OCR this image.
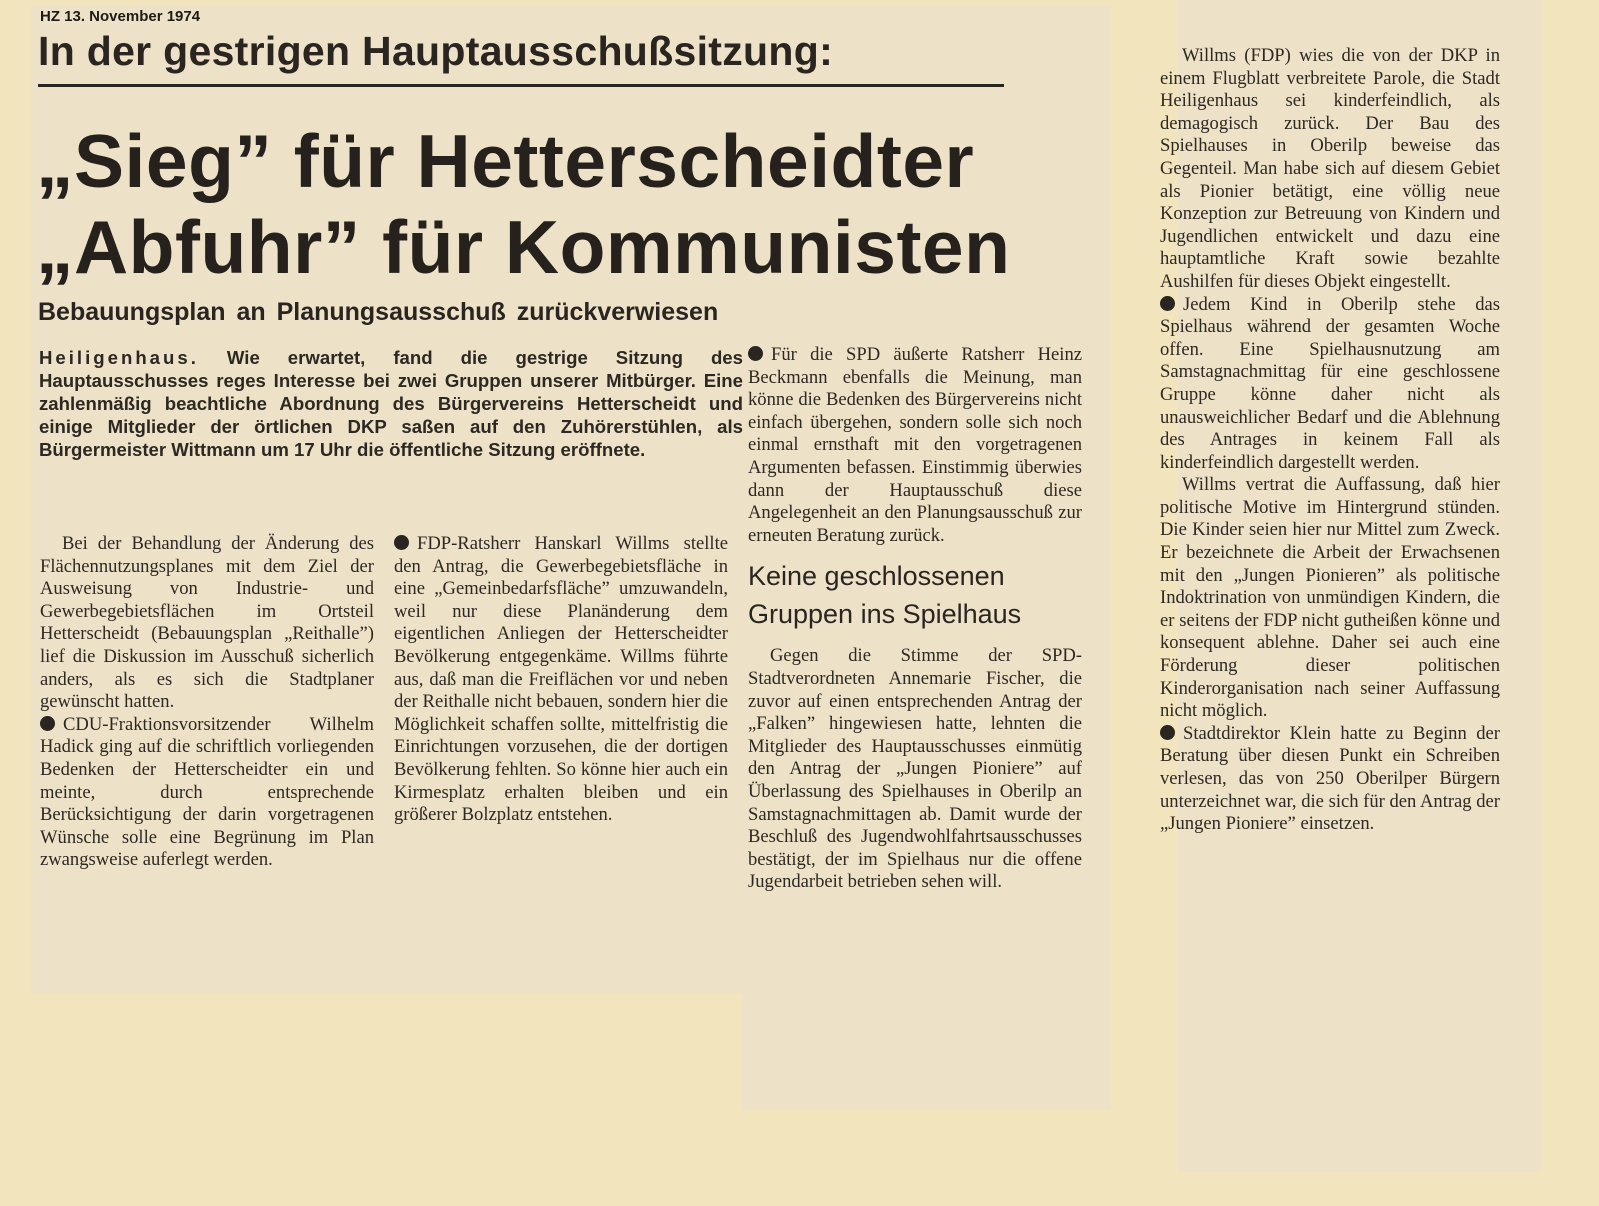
HZ 13. November 1974
In der gestrigen Hauptausschußsitzung:
„Sieg” für Hetterscheidter
„Abfuhr” für Kommunisten
Bebauungsplan an Planungsausschuß zurückverwiesen
Heiligenhaus. Wie erwartet, fand die gestrige Sitzung des Hauptausschusses reges Interesse bei zwei Gruppen unserer Mitbürger. Eine zahlenmäßig beachtliche Abordnung des Bürgervereins Hetterscheidt und einige Mitglieder der örtlichen DKP saßen auf den Zuhörerstühlen, als Bürgermeister Wittmann um 17 Uhr die öffentliche Sitzung eröffnete.

Bei der Behandlung der Änderung des Flächennutzungsplanes mit dem Ziel der Ausweisung von Industrie- und Gewerbegebietsflächen im Ortsteil Hetterscheidt (Bebauungsplan „Reithalle”) lief die Diskussion im Ausschuß sicherlich anders, als es sich die Stadtplaner gewünscht hatten.

CDU-Fraktionsvorsitzender Wilhelm Hadick ging auf die schriftlich vorliegenden Bedenken der Hetterscheidter ein und meinte, durch entsprechende Berücksichtigung der darin vorgetragenen Wünsche solle eine Begrünung im Plan zwangsweise auferlegt werden.

FDP-Ratsherr Hanskarl Willms stellte den Antrag, die Gewerbegebietsfläche in eine „Gemeinbedarfsfläche” umzuwandeln, weil nur diese Planänderung dem eigentlichen Anliegen der Hetterscheidter Bevölkerung entgegenkäme. Willms führte aus, daß man die Freiflächen vor und neben der Reithalle nicht bebauen, sondern hier die Möglichkeit schaffen sollte, mittelfristig die Einrichtungen vorzusehen, die der dortigen Bevölkerung fehlten. So könne hier auch ein Kirmesplatz erhalten bleiben und ein größerer Bolzplatz entstehen.

Für die SPD äußerte Ratsherr Heinz Beckmann ebenfalls die Meinung, man könne die Bedenken des Bürgervereins nicht einfach übergehen, sondern solle sich noch einmal ernsthaft mit den vorgetragenen Argumenten befassen. Einstimmig überwies dann der Hauptausschuß diese Angelegenheit an den Planungsausschuß zur erneuten Beratung zurück.

Keine geschlossenen Gruppen ins Spielhaus

Gegen die Stimme der SPD-Stadtverordneten Annemarie Fischer, die zuvor auf einen entsprechenden Antrag der „Falken” hingewiesen hatte, lehnten die Mitglieder des Hauptausschusses einmütig den Antrag der „Jungen Pioniere” auf Überlassung des Spielhauses in Oberilp an Samstagnachmittagen ab. Damit wurde der Beschluß des Jugendwohlfahrtsausschusses bestätigt, der im Spielhaus nur die offene Jugendarbeit betrieben sehen will.

Willms (FDP) wies die von der DKP in einem Flugblatt verbreitete Parole, die Stadt Heiligenhaus sei kinderfeindlich, als demagogisch zurück. Der Bau des Spielhauses in Oberilp beweise das Gegenteil. Man habe sich auf diesem Gebiet als Pionier betätigt, eine völlig neue Konzeption zur Betreuung von Kindern und Jugendlichen entwickelt und dazu eine hauptamtliche Kraft sowie bezahlte Aushilfen für dieses Objekt eingestellt.

Jedem Kind in Oberilp stehe das Spielhaus während der gesamten Woche offen. Eine Spielhausnutzung am Samstagnachmittag für eine geschlossene Gruppe könne daher nicht als unausweichlicher Bedarf und die Ablehnung des Antrages in keinem Fall als kinderfeindlich dargestellt werden.

Willms vertrat die Auffassung, daß hier politische Motive im Hintergrund stünden. Die Kinder seien hier nur Mittel zum Zweck. Er bezeichnete die Arbeit der Erwachsenen mit den „Jungen Pionieren” als politische Indoktrination von unmündigen Kindern, die er seitens der FDP nicht gutheißen könne und konsequent ablehne. Daher sei auch eine Förderung dieser politischen Kinderorganisation nach seiner Auffassung nicht möglich.

Stadtdirektor Klein hatte zu Beginn der Beratung über diesen Punkt ein Schreiben verlesen, das von 250 Oberilper Bürgern unterzeichnet war, die sich für den Antrag der „Jungen Pioniere” einsetzen.
